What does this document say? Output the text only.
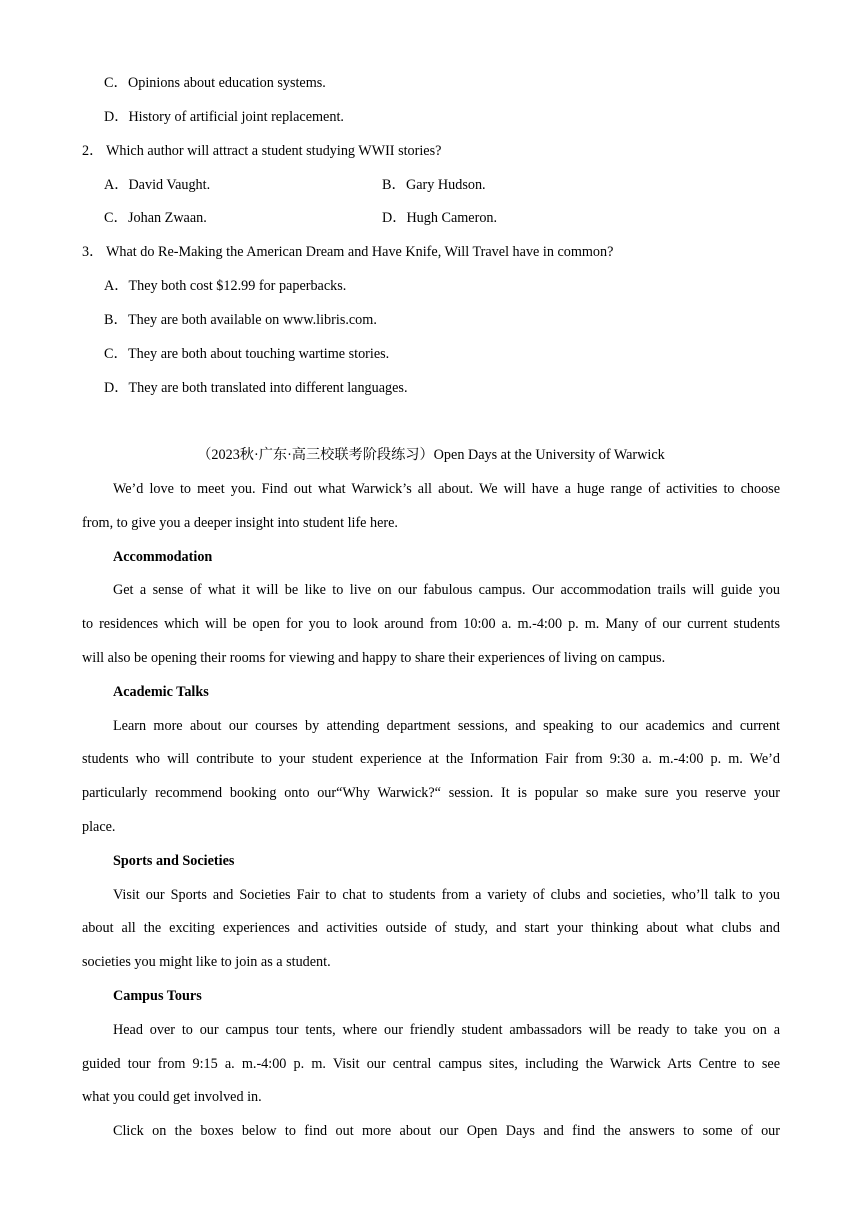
C．Opinions about education systems.
D．History of artificial joint replacement.
2． Which author will attract a student studying WWII stories?
A．David Vaught.	B．Gary Hudson.
C．Johan Zwaan.	D．Hugh Cameron.
3． What do Re-Making the American Dream and Have Knife, Will Travel have in common?
A．They both cost $12.99 for paperbacks.
B．They are both available on www.libris.com.
C．They are both about touching wartime stories.
D．They are both translated into different languages.
（2023秋·广东·高三校联考阶段练习）Open Days at the University of Warwick
We’d love to meet you. Find out what Warwick’s all about. We will have a huge range of activities to choose
from, to give you a deeper insight into student life here.
Accommodation
Get a sense of what it will be like to live on our fabulous campus. Our accommodation trails will guide you
to residences which will be open for you to look around from 10:00 a. m.-4:00 p. m. Many of our current students
will also be opening their rooms for viewing and happy to share their experiences of living on campus.
Academic Talks
Learn more about our courses by attending department sessions, and speaking to our academics and current
students who will contribute to your student experience at the Information Fair from 9:30 a. m.-4:00 p. m. We’d
particularly recommend booking onto our“Why Warwick?“ session. It is popular so make sure you reserve your
place.
Sports and Societies
Visit our Sports and Societies Fair to chat to students from a variety of clubs and societies, who’ll talk to you
about all the exciting experiences and activities outside of study, and start your thinking about what clubs and
societies you might like to join as a student.
Campus Tours
Head over to our campus tour tents, where our friendly student ambassadors will be ready to take you on a
guided tour from 9:15 a. m.-4:00 p. m. Visit our central campus sites, including the Warwick Arts Centre to see
what you could get involved in.
Click on the boxes below to find out more about our Open Days and find the answers to some of our
